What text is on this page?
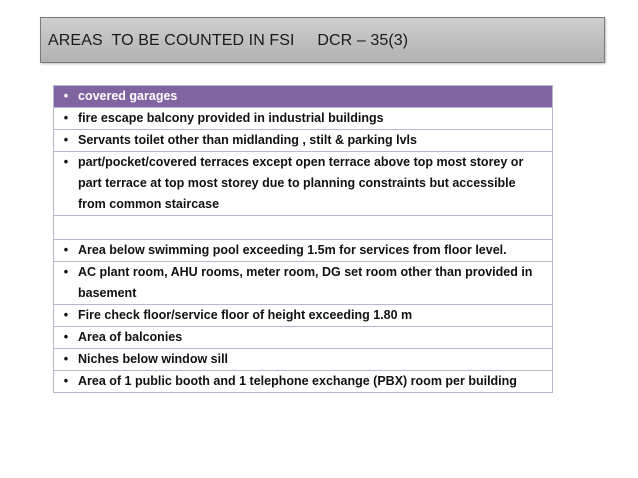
AREAS  TO BE COUNTED IN FSI     DCR – 35(3)
• covered garages
• fire escape balcony provided in industrial buildings
• Servants toilet other than midlanding , stilt & parking lvls
• part/pocket/covered terraces except open terrace above top most storey or part terrace at top most storey due to planning constraints but accessible from common staircase
• Area below swimming pool exceeding 1.5m for services from floor level.
• AC plant room, AHU rooms, meter room, DG set room other than provided in basement
• Fire check floor/service floor of height exceeding 1.80 m
• Area of balconies
• Niches below window sill
• Area of 1 public booth and 1 telephone exchange (PBX) room per building
